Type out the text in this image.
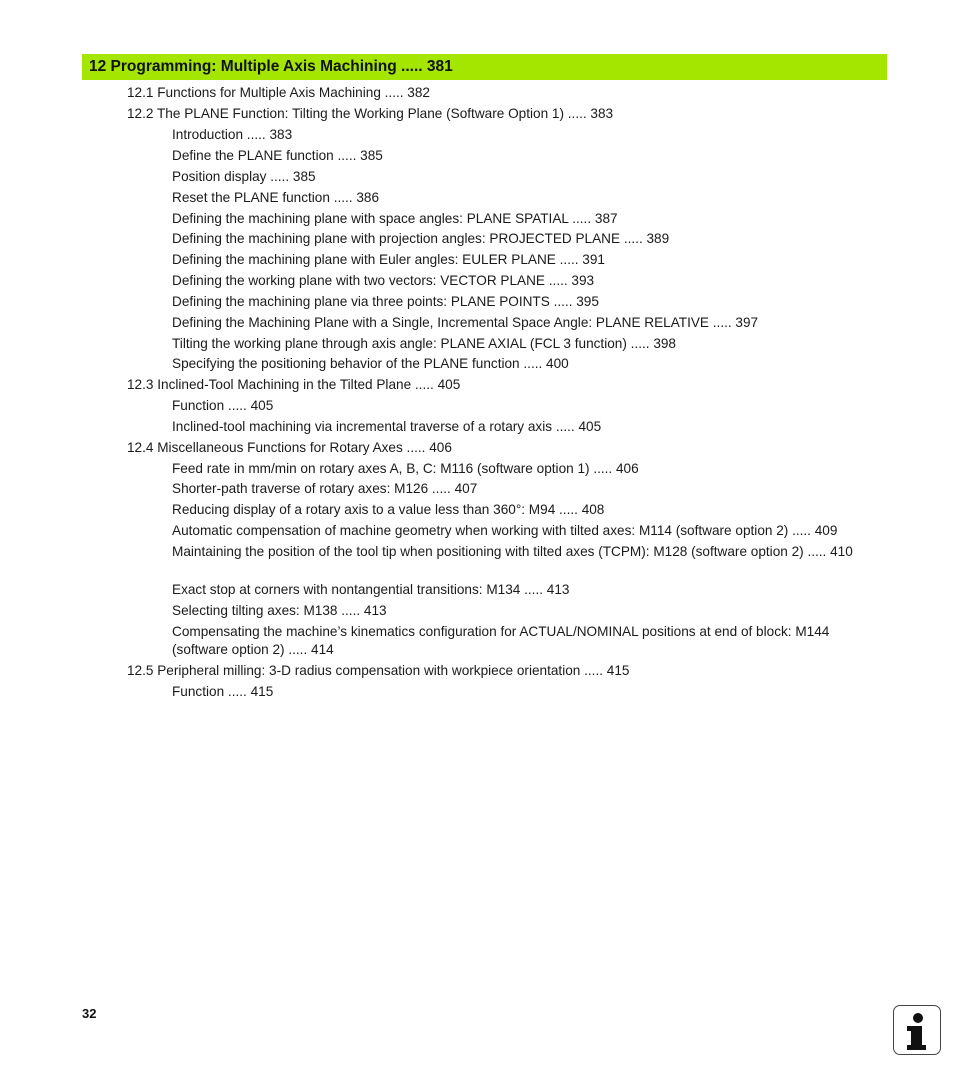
12 Programming: Multiple Axis Machining ..... 381
12.1 Functions for Multiple Axis Machining ..... 382
12.2 The PLANE Function: Tilting the Working Plane (Software Option 1) ..... 383
Introduction ..... 383
Define the PLANE function ..... 385
Position display ..... 385
Reset the PLANE function ..... 386
Defining the machining plane with space angles: PLANE SPATIAL ..... 387
Defining the machining plane with projection angles: PROJECTED PLANE ..... 389
Defining the machining plane with Euler angles: EULER PLANE ..... 391
Defining the working plane with two vectors: VECTOR PLANE ..... 393
Defining the machining plane via three points: PLANE POINTS ..... 395
Defining the Machining Plane with a Single, Incremental Space Angle: PLANE RELATIVE ..... 397
Tilting the working plane through axis angle: PLANE AXIAL (FCL 3 function) ..... 398
Specifying the positioning behavior of the PLANE function ..... 400
12.3 Inclined-Tool Machining in the Tilted Plane ..... 405
Function ..... 405
Inclined-tool machining via incremental traverse of a rotary axis ..... 405
12.4 Miscellaneous Functions for Rotary Axes ..... 406
Feed rate in mm/min on rotary axes A, B, C: M116 (software option 1) ..... 406
Shorter-path traverse of rotary axes: M126 ..... 407
Reducing display of a rotary axis to a value less than 360°: M94 ..... 408
Automatic compensation of machine geometry when working with tilted axes: M114 (software option 2) ..... 409
Maintaining the position of the tool tip when positioning with tilted axes (TCPM): M128 (software option 2) ..... 410
Exact stop at corners with nontangential transitions: M134 ..... 413
Selecting tilting axes: M138 ..... 413
Compensating the machine’s kinematics configuration for ACTUAL/NOMINAL positions at end of block: M144 (software option 2) ..... 414
12.5 Peripheral milling: 3-D radius compensation with workpiece orientation ..... 415
Function ..... 415
32
